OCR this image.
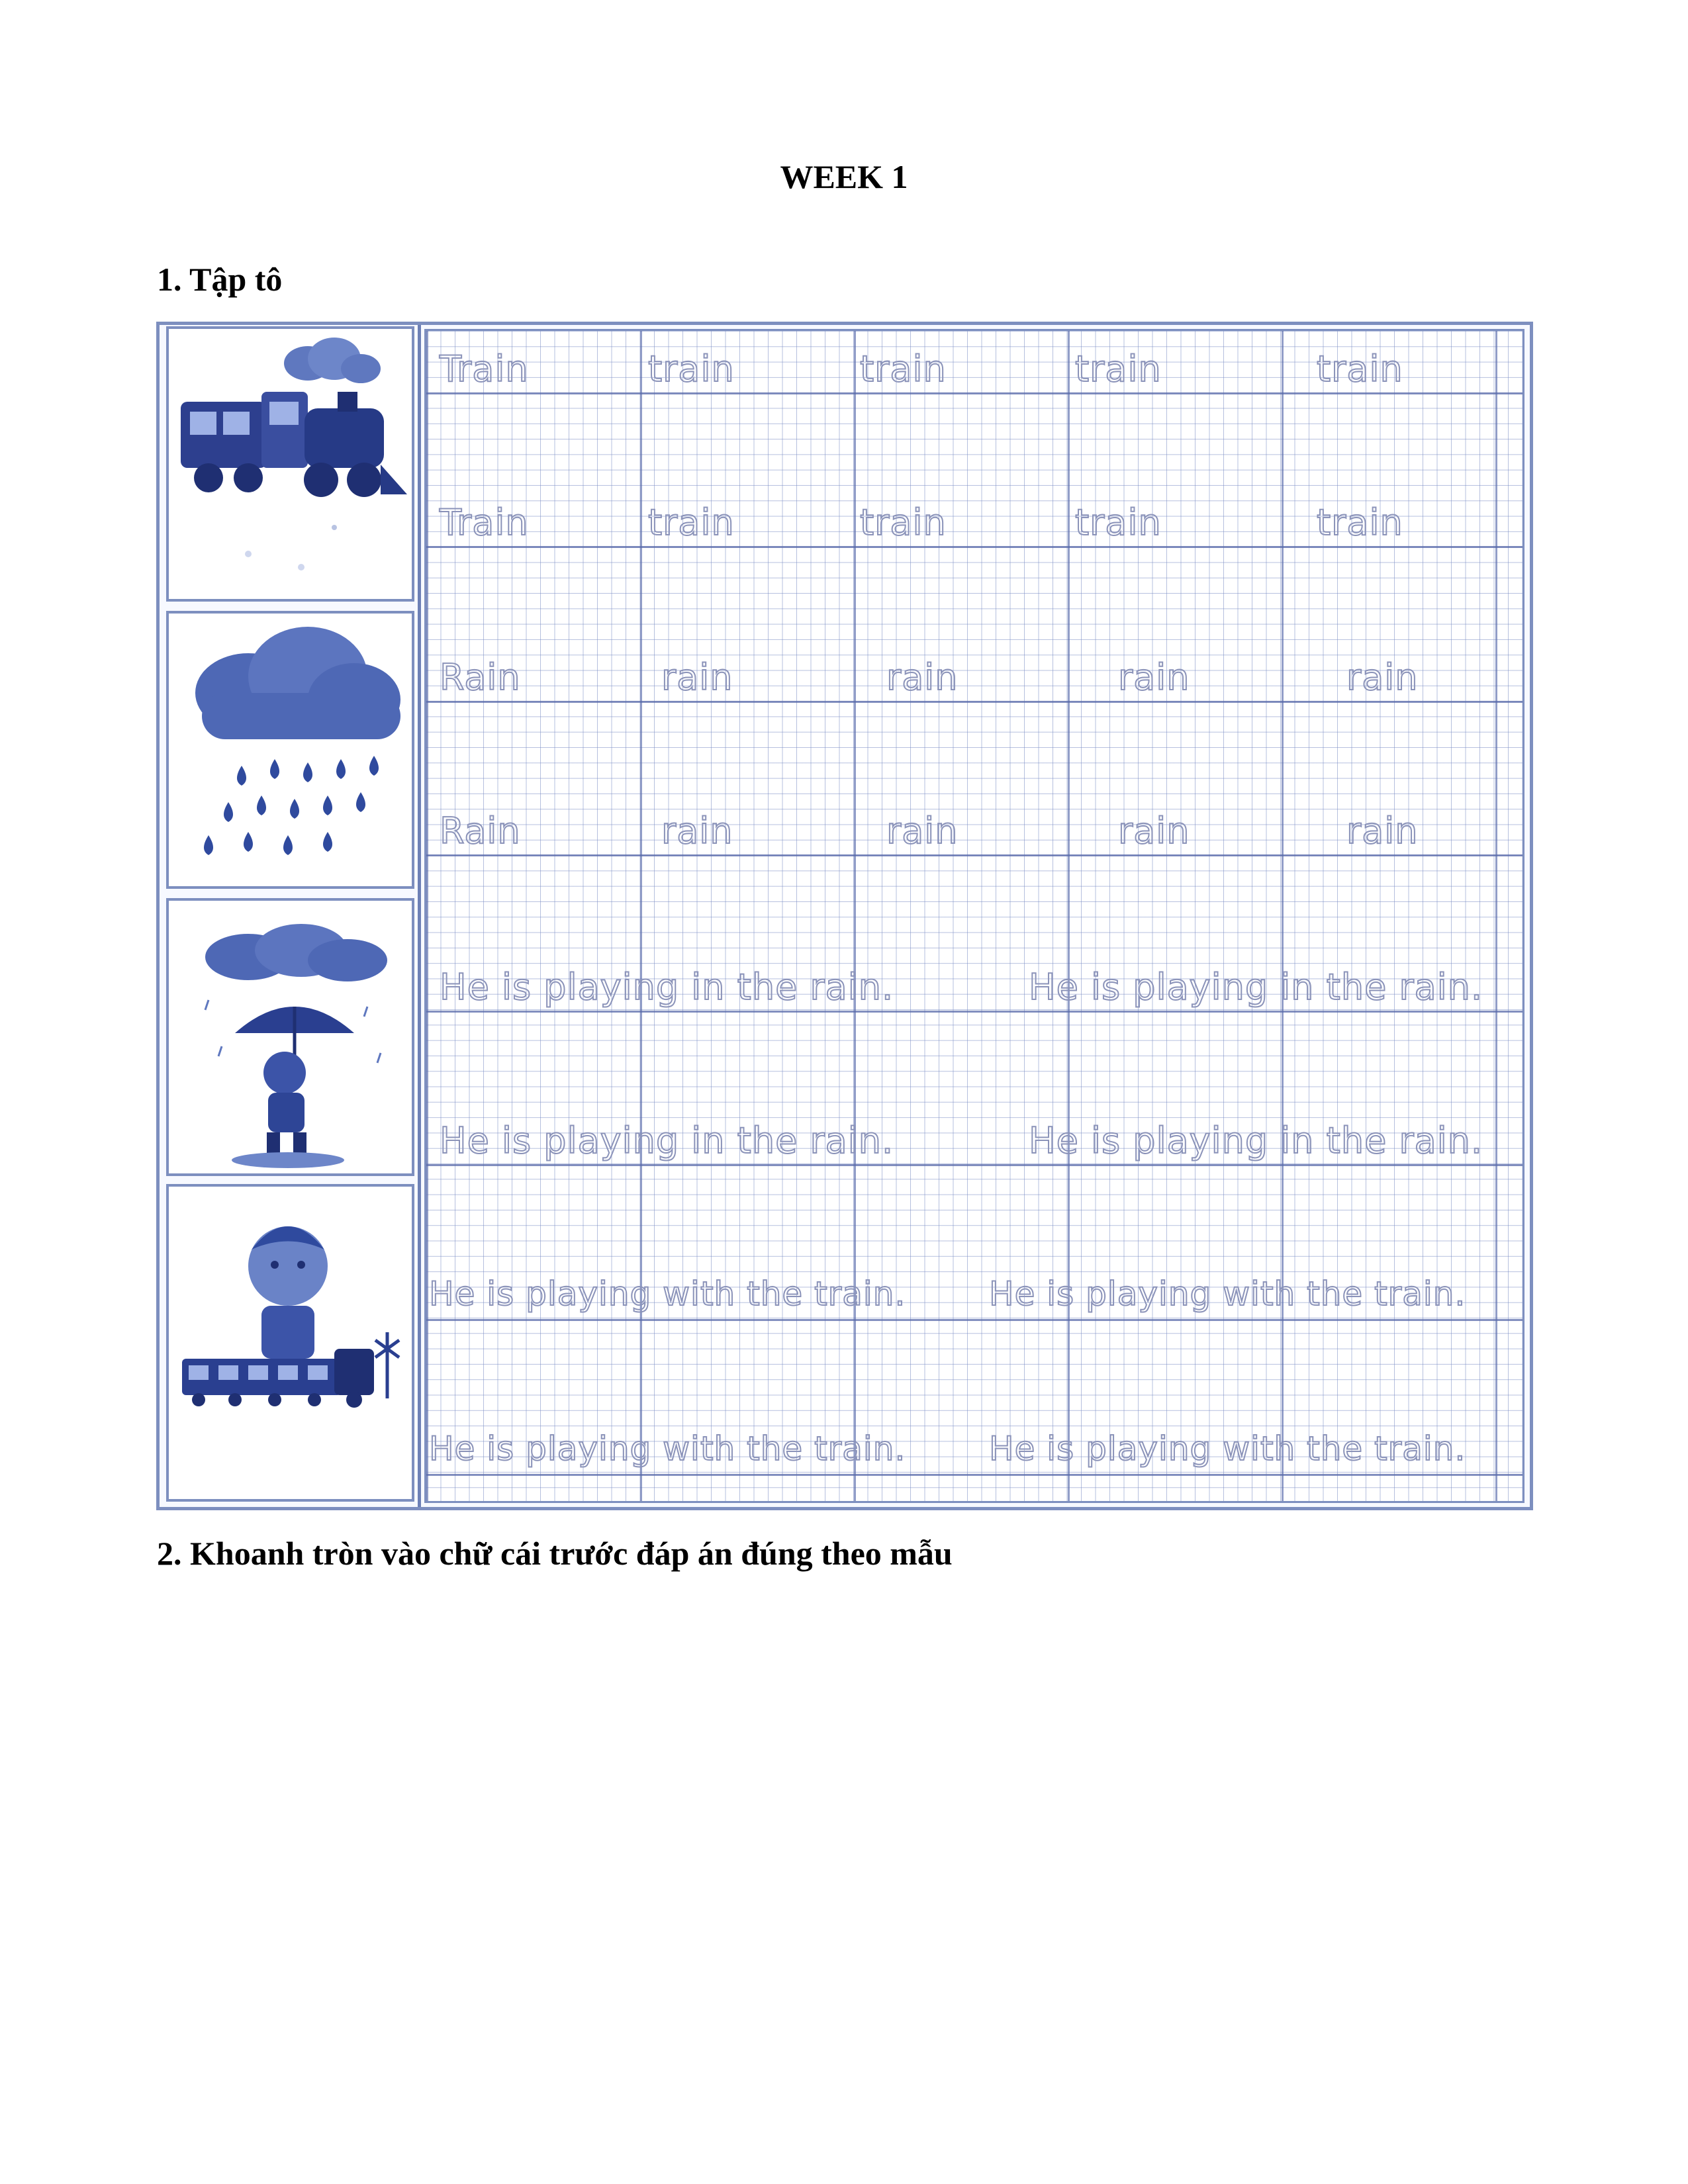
WEEK 1
1. Tập tô
Train	train	train	train	train
Train	train	train	train	train
Rain	rain	rain	rain	rain
Rain	rain	rain	rain	rain
He is playing in the rain.	He is playing in the rain.
He is playing in the rain.	He is playing in the rain.
He is playing with the train.	He is playing with the train.
He is playing with the train.	He is playing with the train.
2. Khoanh tròn vào chữ cái trước đáp án đúng theo mẫu
